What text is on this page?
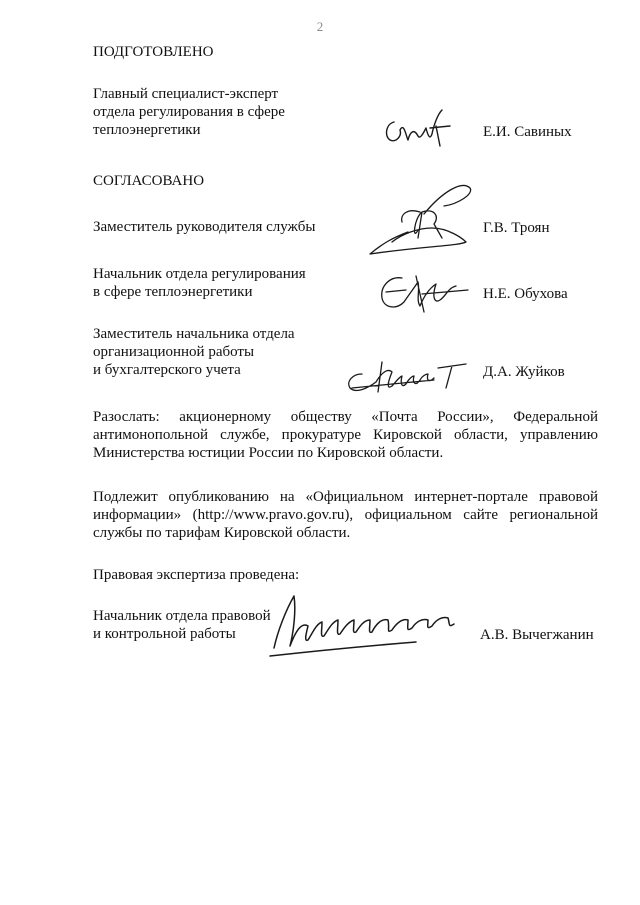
2
ПОДГОТОВЛЕНО
Главный специалист-эксперт
отдела регулирования в сфере
теплоэнергетики	Е.И. Савиных
СОГЛАСОВАНО
Заместитель руководителя службы	Г.В. Троян
Начальник отдела регулирования
в сфере теплоэнергетики	Н.Е. Обухова
Заместитель начальника отдела
организационной работы
и бухгалтерского учета	Д.А. Жуйков
Разослать: акционерному обществу «Почта России», Федеральной
антимонопольной службе, прокуратуре Кировской области, управлению
Министерства юстиции России по Кировской области.
Подлежит опубликованию на «Официальном интернет-портале правовой
информации» (http://www.pravo.gov.ru), официальном сайте региональной
службы по тарифам Кировской области.
Правовая экспертиза проведена:
Начальник отдела правовой
и контрольной работы	А.В. Вычегжанин
